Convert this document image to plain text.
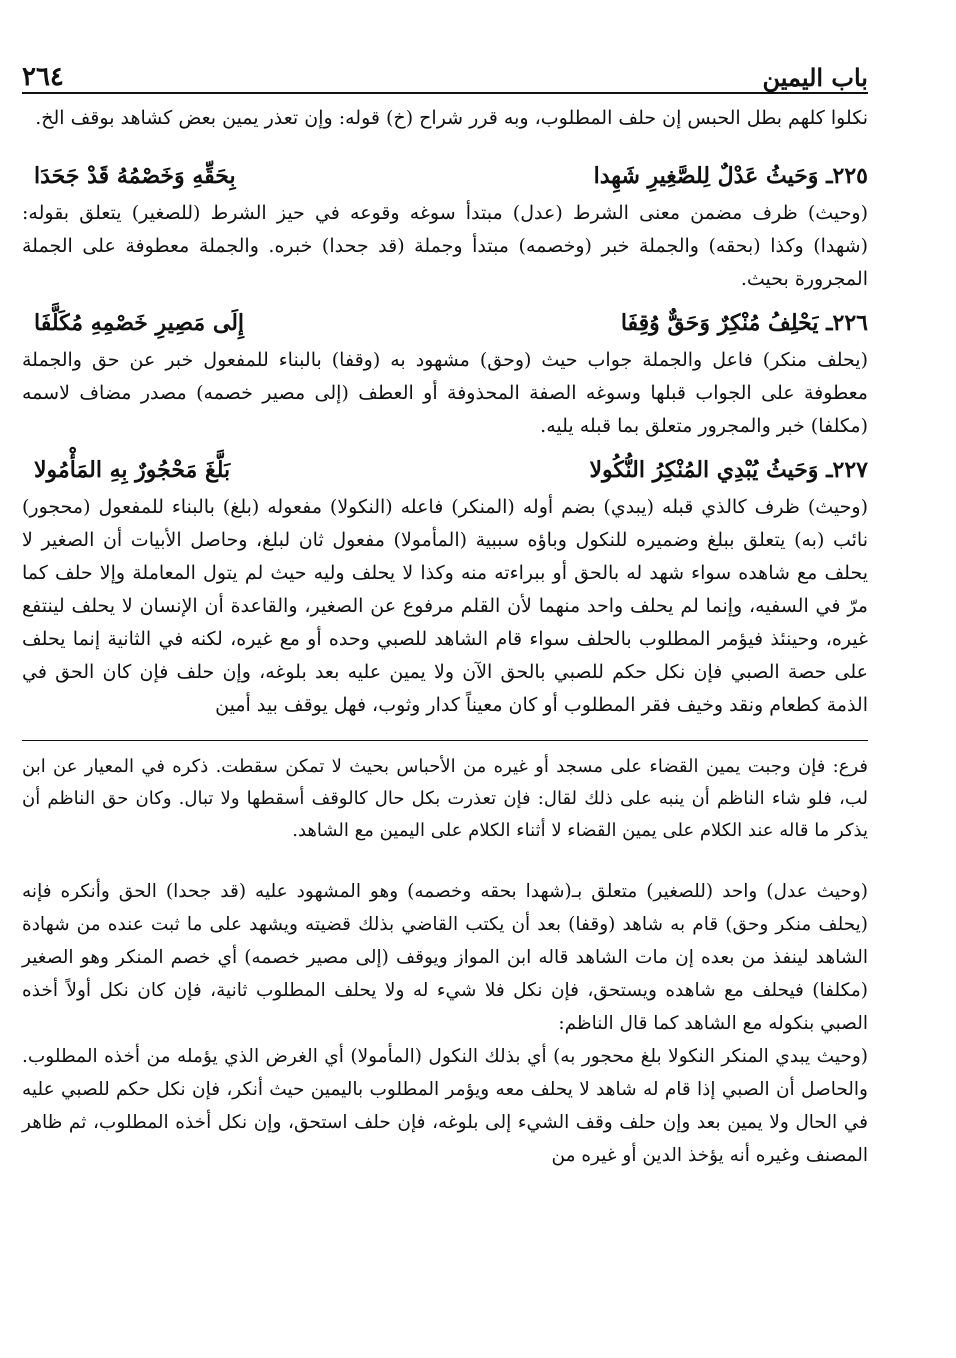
باب اليمين
٢٦٤

نكلوا كلهم بطل الحبس إن حلف المطلوب، وبه قرر شراح (خ) قوله: وإن تعذر يمين بعض كشاهد بوقف الخ.

٢٢٥ـ وَحَيثُ عَدْلٌ لِلصَّغِيرِ شَهِدا
بِحَقِّهِ وَخَصْمُهُ قَدْ جَحَدَا

(وحيث) ظرف مضمن معنى الشرط (عدل) مبتدأ سوغه وقوعه في حيز الشرط (للصغير) يتعلق بقوله: (شهدا) وكذا (بحقه) والجملة خبر (وخصمه) مبتدأ وجملة (قد جحدا) خبره. والجملة معطوفة على الجملة المجرورة بحيث.

٢٢٦ـ يَحْلِفُ مُنْكِرٌ وَحَقٌّ وُقِفَا
إِلَى مَصِيرِ خَصْمِهِ مُكَلَّفَا

(يحلف منكر) فاعل والجملة جواب حيث (وحق) مشهود به (وقفا) بالبناء للمفعول خبر عن حق والجملة معطوفة على الجواب قبلها وسوغه الصفة المحذوفة أو العطف (إلى مصير خصمه) مصدر مضاف لاسمه (مكلفا) خبر والمجرور متعلق بما قبله يليه.

٢٢٧ـ وَحَيثُ يُبْدِي المُنْكِرُ النُّكُولا
بَلَّغَ مَحْجُورٌ بِهِ المَأْمُولا

(وحيث) ظرف كالذي قبله (يبدي) بضم أوله (المنكر) فاعله (النكولا) مفعوله (بلغ) بالبناء للمفعول (محجور) نائب (به) يتعلق ببلغ وضميره للنكول وباؤه سببية (المأمولا) مفعول ثان لبلغ، وحاصل الأبيات أن الصغير لا يحلف مع شاهده سواء شهد له بالحق أو ببراءته منه وكذا لا يحلف وليه حيث لم يتول المعاملة وإلا حلف كما مرّ في السفيه، وإنما لم يحلف واحد منهما لأن القلم مرفوع عن الصغير، والقاعدة أن الإنسان لا يحلف لينتفع غيره، وحينئذ فيؤمر المطلوب بالحلف سواء قام الشاهد للصبي وحده أو مع غيره، لكنه في الثانية إنما يحلف على حصة الصبي فإن نكل حكم للصبي بالحق الآن ولا يمين عليه بعد بلوغه، وإن حلف فإن كان الحق في الذمة كطعام ونقد وخيف فقر المطلوب أو كان معيناً كدار وثوب، فهل يوقف بيد أمين

فرع: فإن وجبت يمين القضاء على مسجد أو غيره من الأحباس بحيث لا تمكن سقطت. ذكره في المعيار عن ابن لب، فلو شاء الناظم أن ينبه على ذلك لقال: فإن تعذرت بكل حال كالوقف أسقطها ولا تبال. وكان حق الناظم أن يذكر ما قاله عند الكلام على يمين القضاء لا أثناء الكلام على اليمين مع الشاهد.

(وحيث عدل) واحد (للصغير) متعلق بـ(شهدا بحقه وخصمه) وهو المشهود عليه (قد جحدا) الحق وأنكره فإنه (يحلف منكر وحق) قام به شاهد (وقفا) بعد أن يكتب القاضي بذلك قضيته ويشهد على ما ثبت عنده من شهادة الشاهد لينفذ من بعده إن مات الشاهد قاله ابن المواز ويوقف (إلى مصير خصمه) أي خصم المنكر وهو الصغير (مكلفا) فيحلف مع شاهده ويستحق، فإن نكل فلا شيء له ولا يحلف المطلوب ثانية، فإن كان نكل أولاً أخذه الصبي بنكوله مع الشاهد كما قال الناظم:

(وحيث يبدي المنكر النكولا بلغ محجور به) أي بذلك النكول (المأمولا) أي الغرض الذي يؤمله من أخذه المطلوب. والحاصل أن الصبي إذا قام له شاهد لا يحلف معه ويؤمر المطلوب باليمين حيث أنكر، فإن نكل حكم للصبي عليه في الحال ولا يمين بعد وإن حلف وقف الشيء إلى بلوغه، فإن حلف استحق، وإن نكل أخذه المطلوب، ثم ظاهر المصنف وغيره أنه يؤخذ الدين أو غيره من
